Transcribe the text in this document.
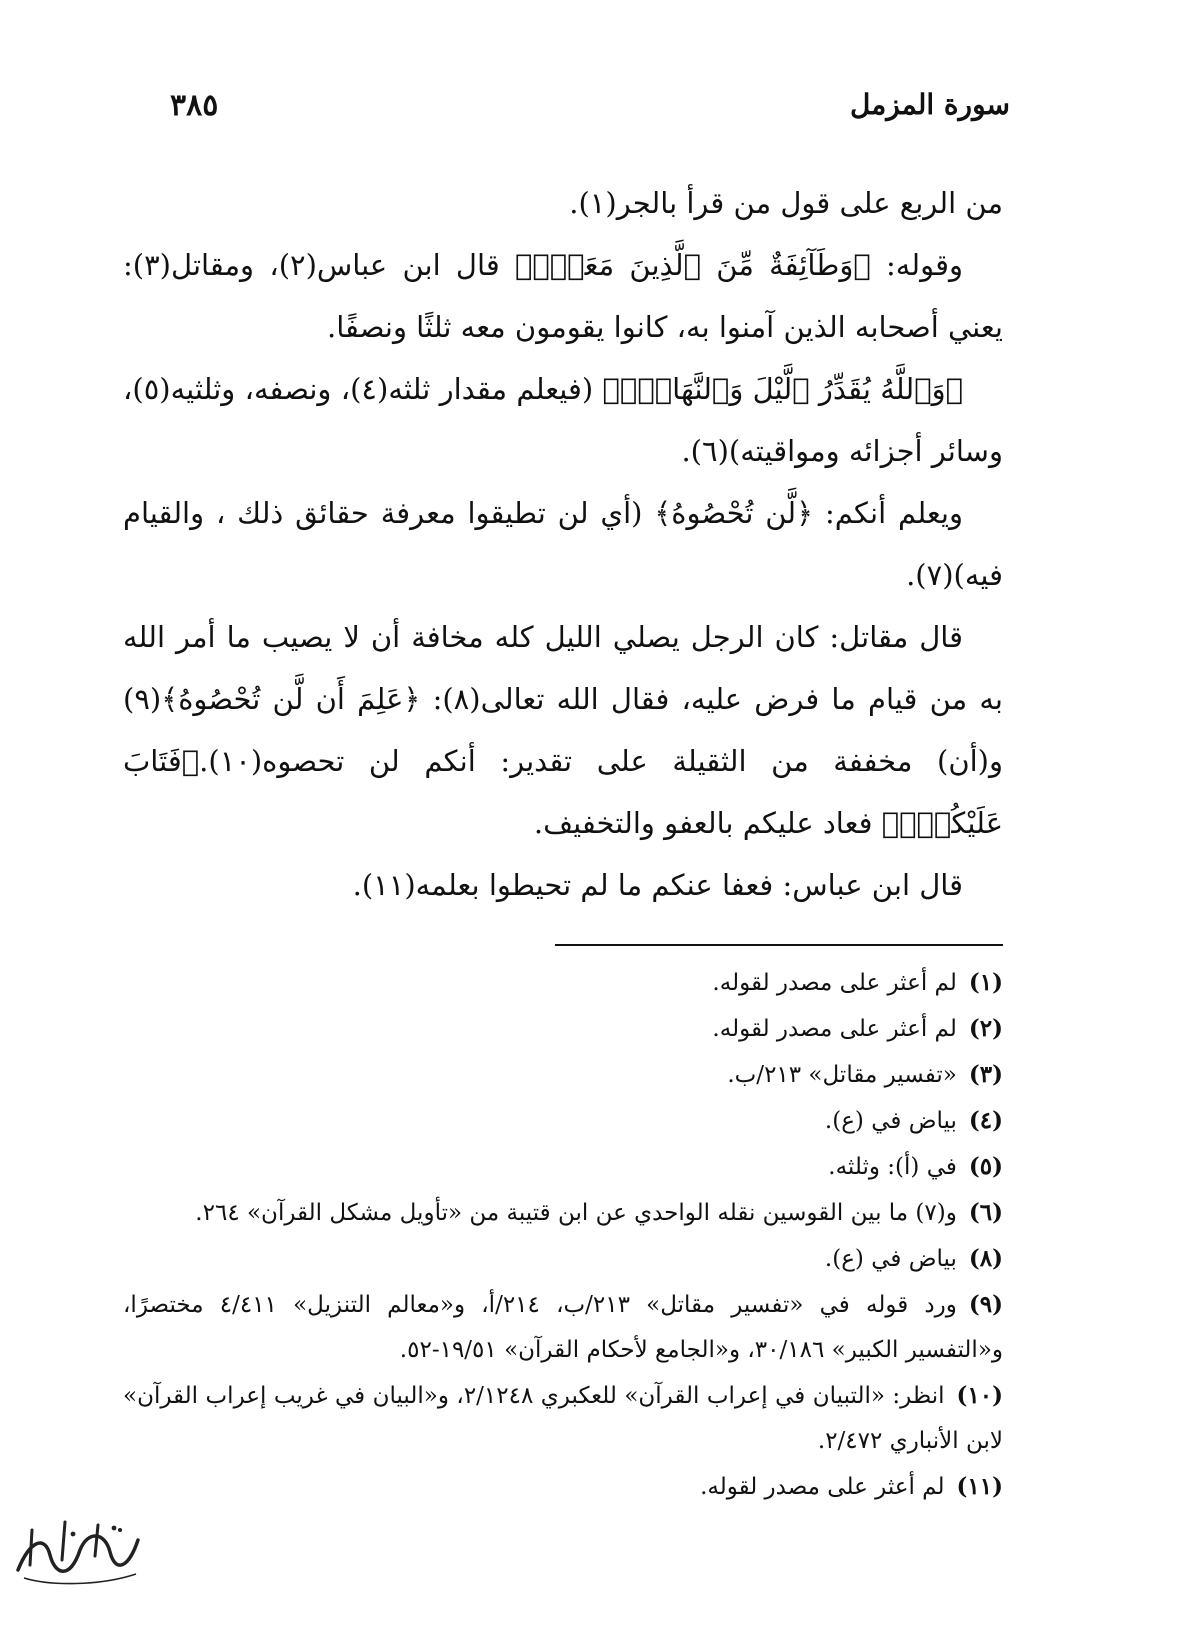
سورة المزمل
٣٨٥

من الربع على قول من قرأ بالجر(١).

وقوله: ﴿وَطَآئِفَةٌ مِّنَ ٱلَّذِينَ مَعَكَۚ﴾ قال ابن عباس(٢)، ومقاتل(٣): يعني أصحابه الذين آمنوا به، كانوا يقومون معه ثلثًا ونصفًا.

﴿وَٱللَّهُ يُقَدِّرُ ٱلَّيْلَ وَٱلنَّهَارَۚ﴾ (فيعلم مقدار ثلثه(٤)، ونصفه، وثلثيه(٥)، وسائر أجزائه ومواقيته)(٦).

ويعلم أنكم: ﴿لَّن تُحْصُوهُ﴾ (أي لن تطيقوا معرفة حقائق ذلك ، والقيام فيه)(٧).

قال مقاتل: كان الرجل يصلي الليل كله مخافة أن لا يصيب ما أمر الله به من قيام ما فرض عليه، فقال الله تعالى(٨): ﴿عَلِمَ أَن لَّن تُحْصُوهُ﴾(٩) و(أن) مخففة من الثقيلة على تقدير: أنكم لن تحصوه(١٠).﴿فَتَابَ عَلَيْكُمْۖ﴾ فعاد عليكم بالعفو والتخفيف.

قال ابن عباس: فعفا عنكم ما لم تحيطوا بعلمه(١١).

(١)لم أعثر على مصدر لقوله.
(٢)لم أعثر على مصدر لقوله.
(٣)«تفسير مقاتل» ٢١٣/ب.
(٤)بياض في (ع).
(٥)في (أ): وثلثه.
(٦)و(٧) ما بين القوسين نقله الواحدي عن ابن قتيبة من «تأويل مشكل القرآن» ٢٦٤.
(٨)بياض في (ع).
(٩)ورد قوله في «تفسير مقاتل» ٢١٣/ب، ٢١٤/أ، و«معالم التنزيل» ٤/٤١١ مختصرًا، و«التفسير الكبير» ٣٠/١٨٦، و«الجامع لأحكام القرآن» ١٩/٥١-٥٢.
(١٠)انظر: «التبيان في إعراب القرآن» للعكبري ٢/١٢٤٨، و«البيان في غريب إعراب القرآن» لابن الأنباري ٢/٤٧٢.
(١١)لم أعثر على مصدر لقوله.
